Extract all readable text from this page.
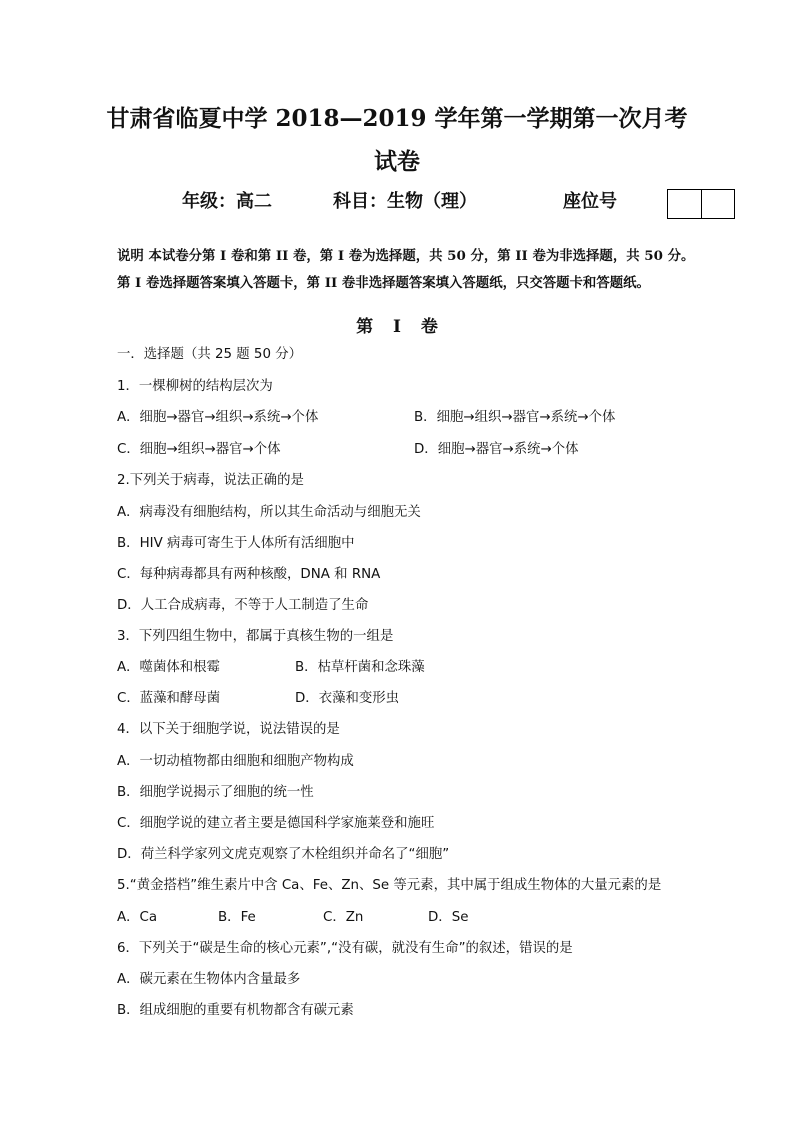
甘肃省临夏中学 2018—2019 学年第一学期第一次月考
试卷
年级：高二	科目：生物（理）	座位号
说明 本试卷分第 I 卷和第 II 卷，第 I 卷为选择题，共 50 分，第 II 卷为非选择题，共 50 分。
第 I 卷选择题答案填入答题卡，第 II 卷非选择题答案填入答题纸，只交答题卡和答题纸。
第 I 卷
一．选择题（共 25 题 50 分）
1．一棵柳树的结构层次为
A．细胞→器官→组织→系统→个体	B．细胞→组织→器官→系统→个体
C．细胞→组织→器官→个体	D．细胞→器官→系统→个体
2.下列关于病毒，说法正确的是
A．病毒没有细胞结构，所以其生命活动与细胞无关
B．HIV 病毒可寄生于人体所有活细胞中
C．每种病毒都具有两种核酸，DNA 和 RNA
D．人工合成病毒，不等于人工制造了生命
3．下列四组生物中，都属于真核生物的一组是
A．噬菌体和根霉	B．枯草杆菌和念珠藻
C．蓝藻和酵母菌	D．衣藻和变形虫
4．以下关于细胞学说，说法错误的是
A．一切动植物都由细胞和细胞产物构成
B．细胞学说揭示了细胞的统一性
C．细胞学说的建立者主要是德国科学家施莱登和施旺
D．荷兰科学家列文虎克观察了木栓组织并命名了“细胞”
5.“黄金搭档”维生素片中含 Ca、Fe、Zn、Se 等元素，其中属于组成生物体的大量元素的是
A．Ca	B．Fe	C．Zn	D．Se
6．下列关于“碳是生命的核心元素”,“没有碳，就没有生命”的叙述，错误的是
A．碳元素在生物体内含量最多
B．组成细胞的重要有机物都含有碳元素
